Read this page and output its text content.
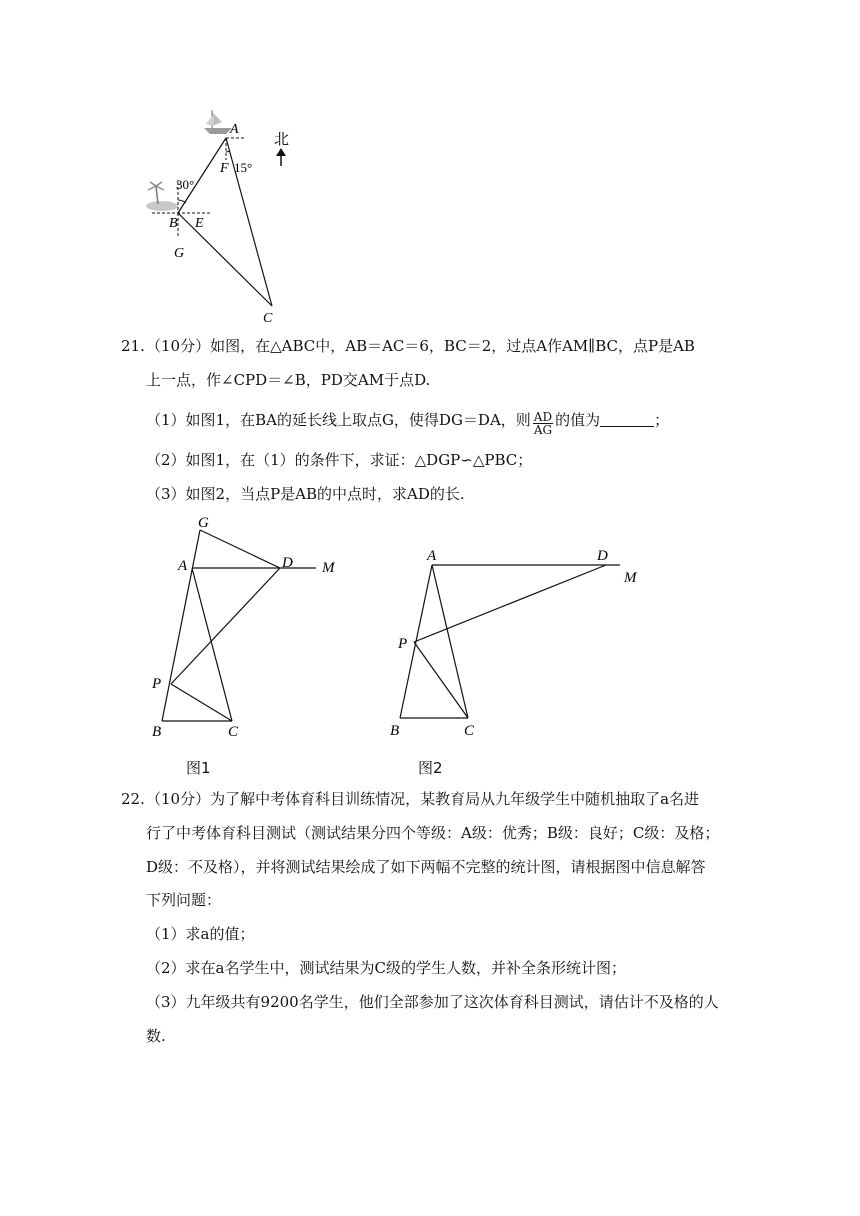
A
F 15°
30°
B E
G
C
北
21. （10分）如图，在△ABC中，AB＝AC＝6，BC＝2，过点A作AM∥BC，点P是AB
上一点，作∠CPD＝∠B，PD交AM于点D.
（1）如图1，在BA的延长线上取点G，使得DG＝DA，则 $\frac{AD}{AG}$ 的值为	；
（2）如图1，在（1）的条件下，求证：△DGP∽△PBC；
（3）如图2，当点P是AB的中点时，求AD的长.
G
A	D M
P
B	C
图1
A	D
M
P
B	C
图2
22. （10分）为了解中考体育科目训练情况，某教育局从九年级学生中随机抽取了a名进
行了中考体育科目测试（测试结果分四个等级：A级：优秀；B级：良好；C级：及格；
D级：不及格），并将测试结果绘成了如下两幅不完整的统计图，请根据图中信息解答
下列问题：
（1）求a的值；
（2）求在a名学生中，测试结果为C级的学生人数，并补全条形统计图；
（3）九年级共有9200名学生，他们全部参加了这次体育科目测试，请估计不及格的人
数.
